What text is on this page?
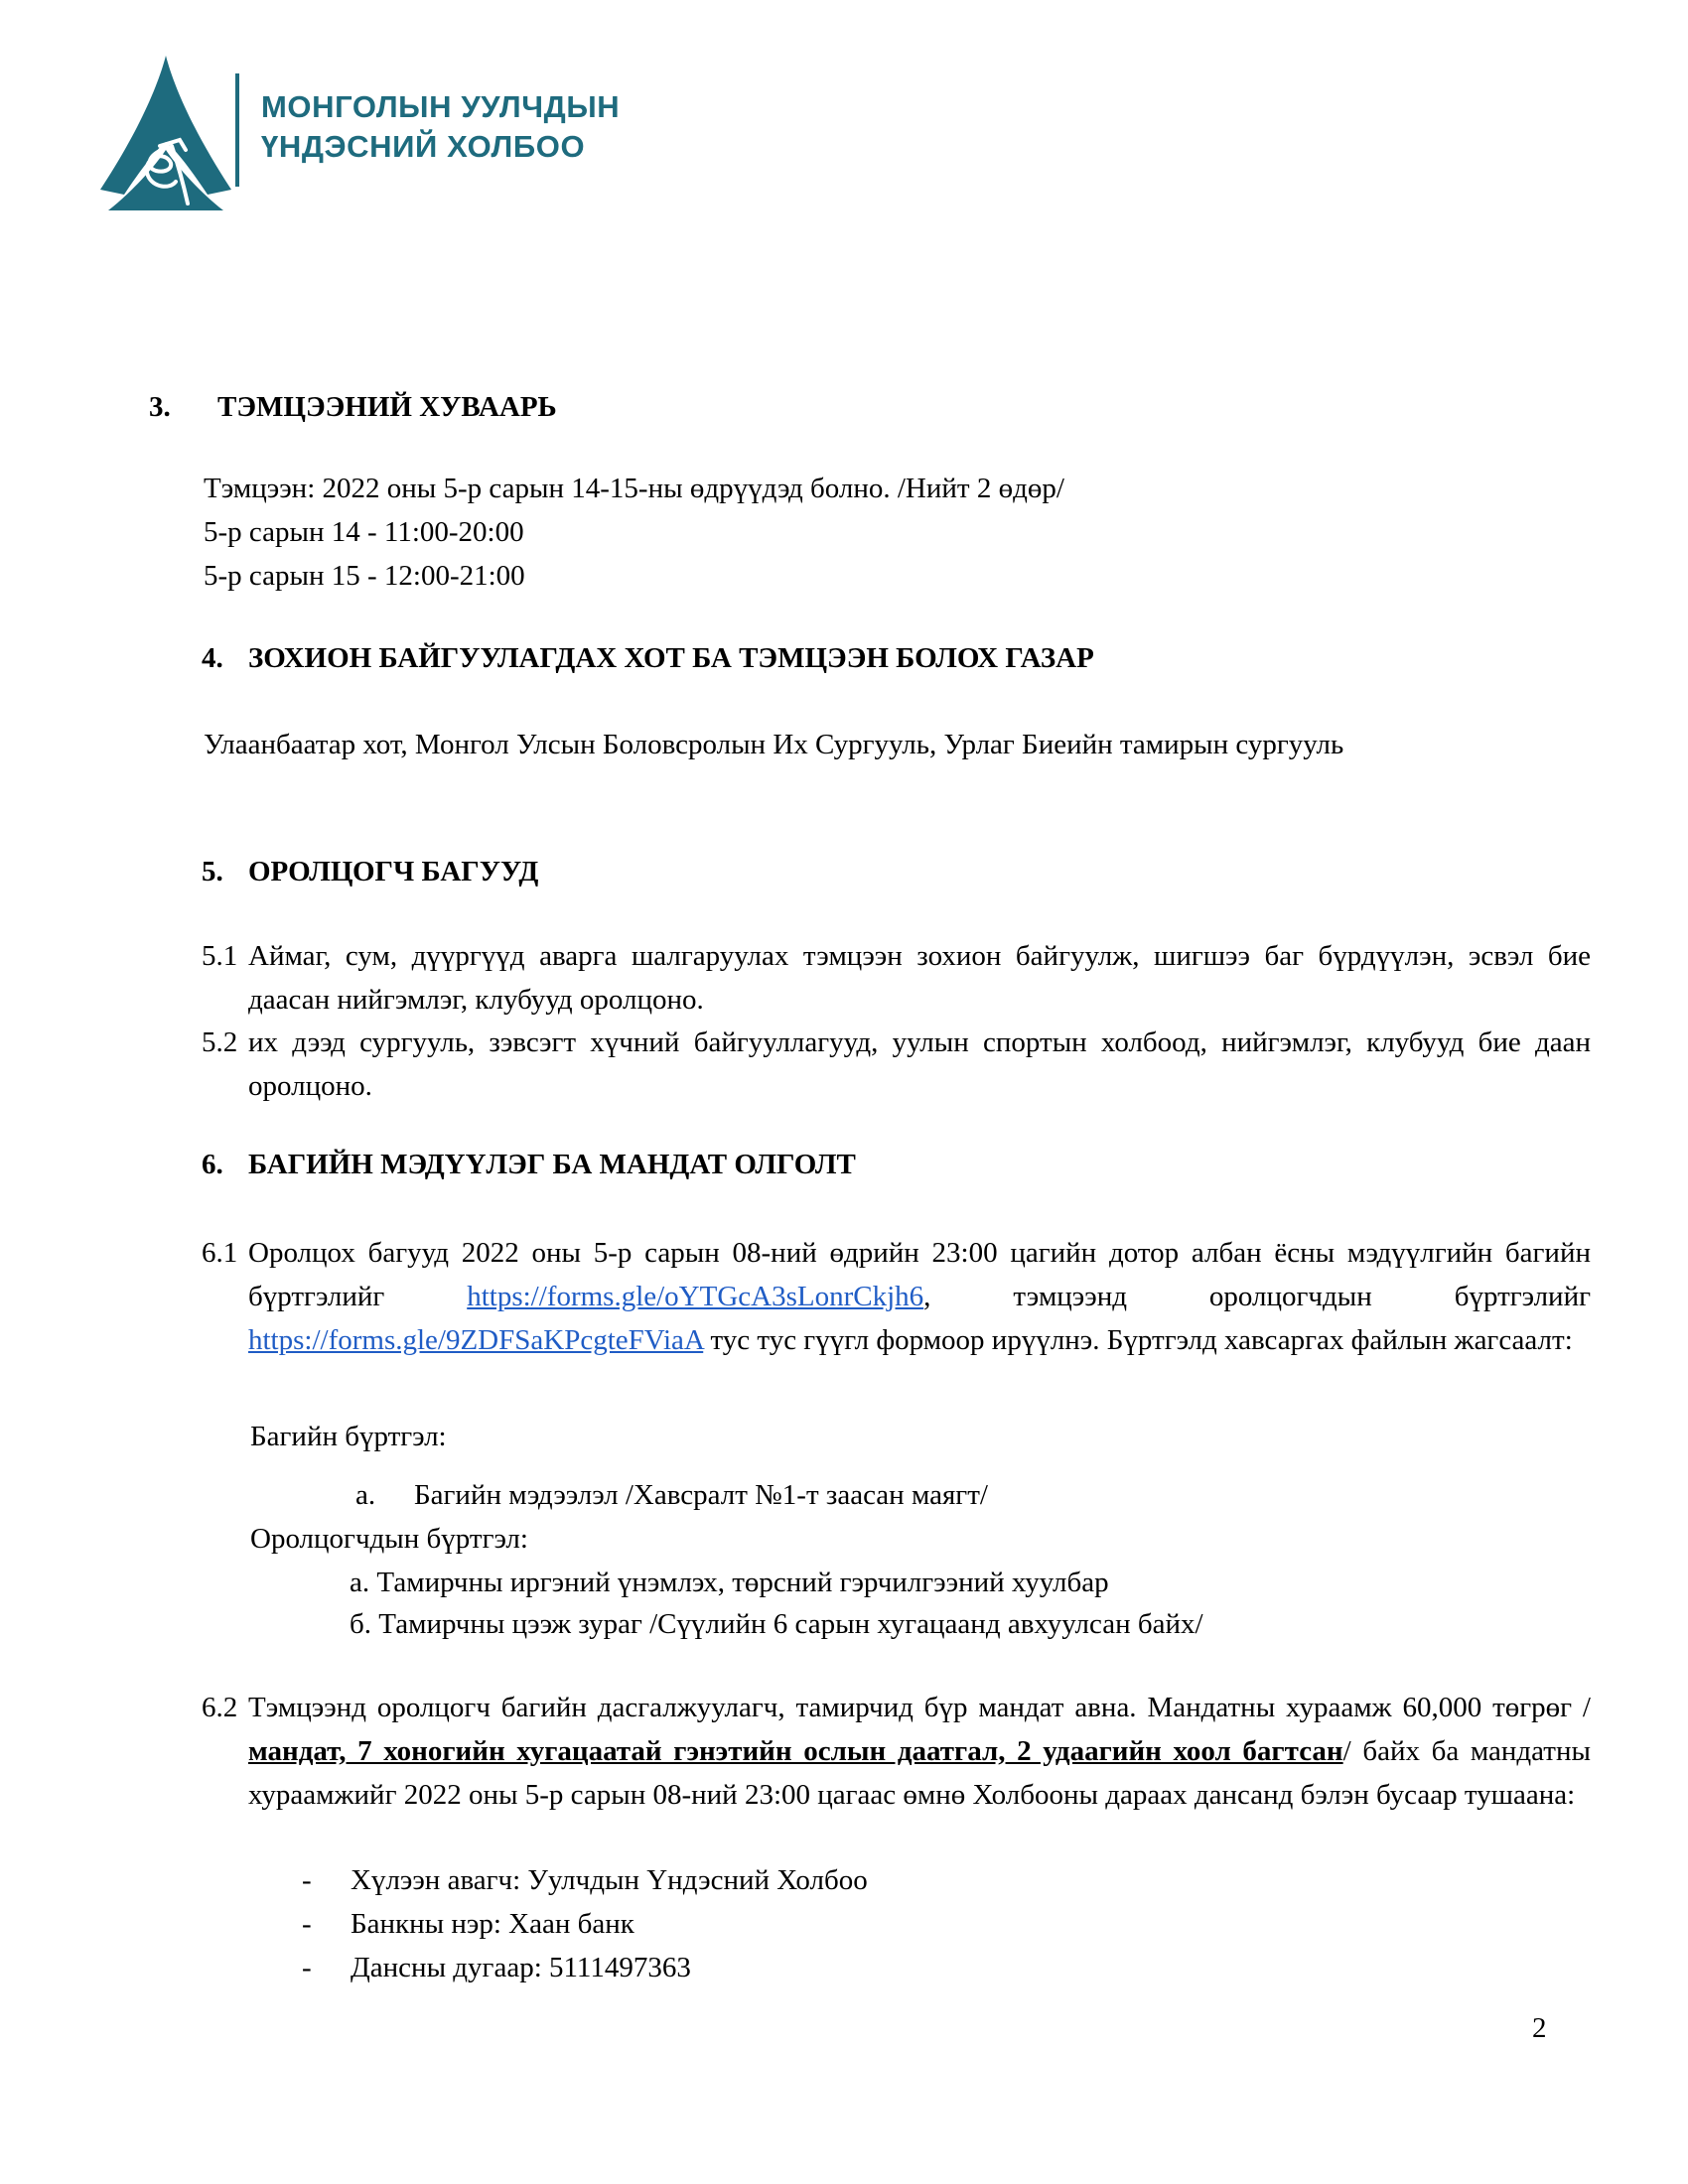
МОНГОЛЫН УУЛЧДЫН
ҮНДЭСНИЙ ХОЛБОО
3. ТЭМЦЭЭНИЙ ХУВААРЬ
Тэмцээн: 2022 оны 5-р сарын 14-15-ны өдрүүдэд болно. /Нийт 2 өдөр/
5-р сарын 14 - 11:00-20:00
5-р сарын 15 - 12:00-21:00
4. ЗОХИОН БАЙГУУЛАГДАХ ХОТ БА ТЭМЦЭЭН БОЛОХ ГАЗАР
Улаанбаатар хот, Монгол Улсын Боловсролын Их Сургууль, Урлаг Биеийн тамирын сургууль
5. ОРОЛЦОГЧ БАГУУД
5.1 Аймаг, сум, дүүргүүд аварга шалгаруулах тэмцээн зохион байгуулж, шигшээ баг бүрдүүлэн, эсвэл бие даасан нийгэмлэг, клубууд оролцоно.
5.2 их дээд сургууль, зэвсэгт хүчний байгууллагууд, уулын спортын холбоод, нийгэмлэг, клубууд бие даан оролцоно.
6. БАГИЙН МЭДҮҮЛЭГ БА МАНДАТ ОЛГОЛТ
6.1 Оролцох багууд 2022 оны 5-р сарын 08-ний өдрийн 23:00 цагийн дотор албан ёсны мэдүүлгийн багийн бүртгэлийг https://forms.gle/oYTGcA3sLonrCkjh6, тэмцээнд оролцогчдын бүртгэлийг https://forms.gle/9ZDFSaKPcgteFViaA тус тус гүүгл формоор ирүүлнэ. Бүртгэлд хавсаргах файлын жагсаалт:
Багийн бүртгэл:
a.	Багийн мэдээлэл /Хавсралт №1-т заасан маягт/
Оролцогчдын бүртгэл:
а. Тамирчны иргэний үнэмлэх, төрсний гэрчилгээний хуулбар
б. Тамирчны цээж зураг /Сүүлийн 6 сарын хугацаанд авхуулсан байх/
6.2 Тэмцээнд оролцогч багийн дасгалжуулагч, тамирчид бүр мандат авна. Мандатны хураамж 60,000 төгрөг /мандат, 7 хоногийн хугацаатай гэнэтийн ослын даатгал, 2 удаагийн хоол багтсан/ байх ба мандатны хураамжийг 2022 оны 5-р сарын 08-ний 23:00 цагаас өмнө Холбооны дараах дансанд бэлэн бусаар тушаана:
-	Хүлээн авагч: Уулчдын Үндэсний Холбоо
-	Банкны нэр: Хаан банк
-	Дансны дугаар: 5111497363
2
